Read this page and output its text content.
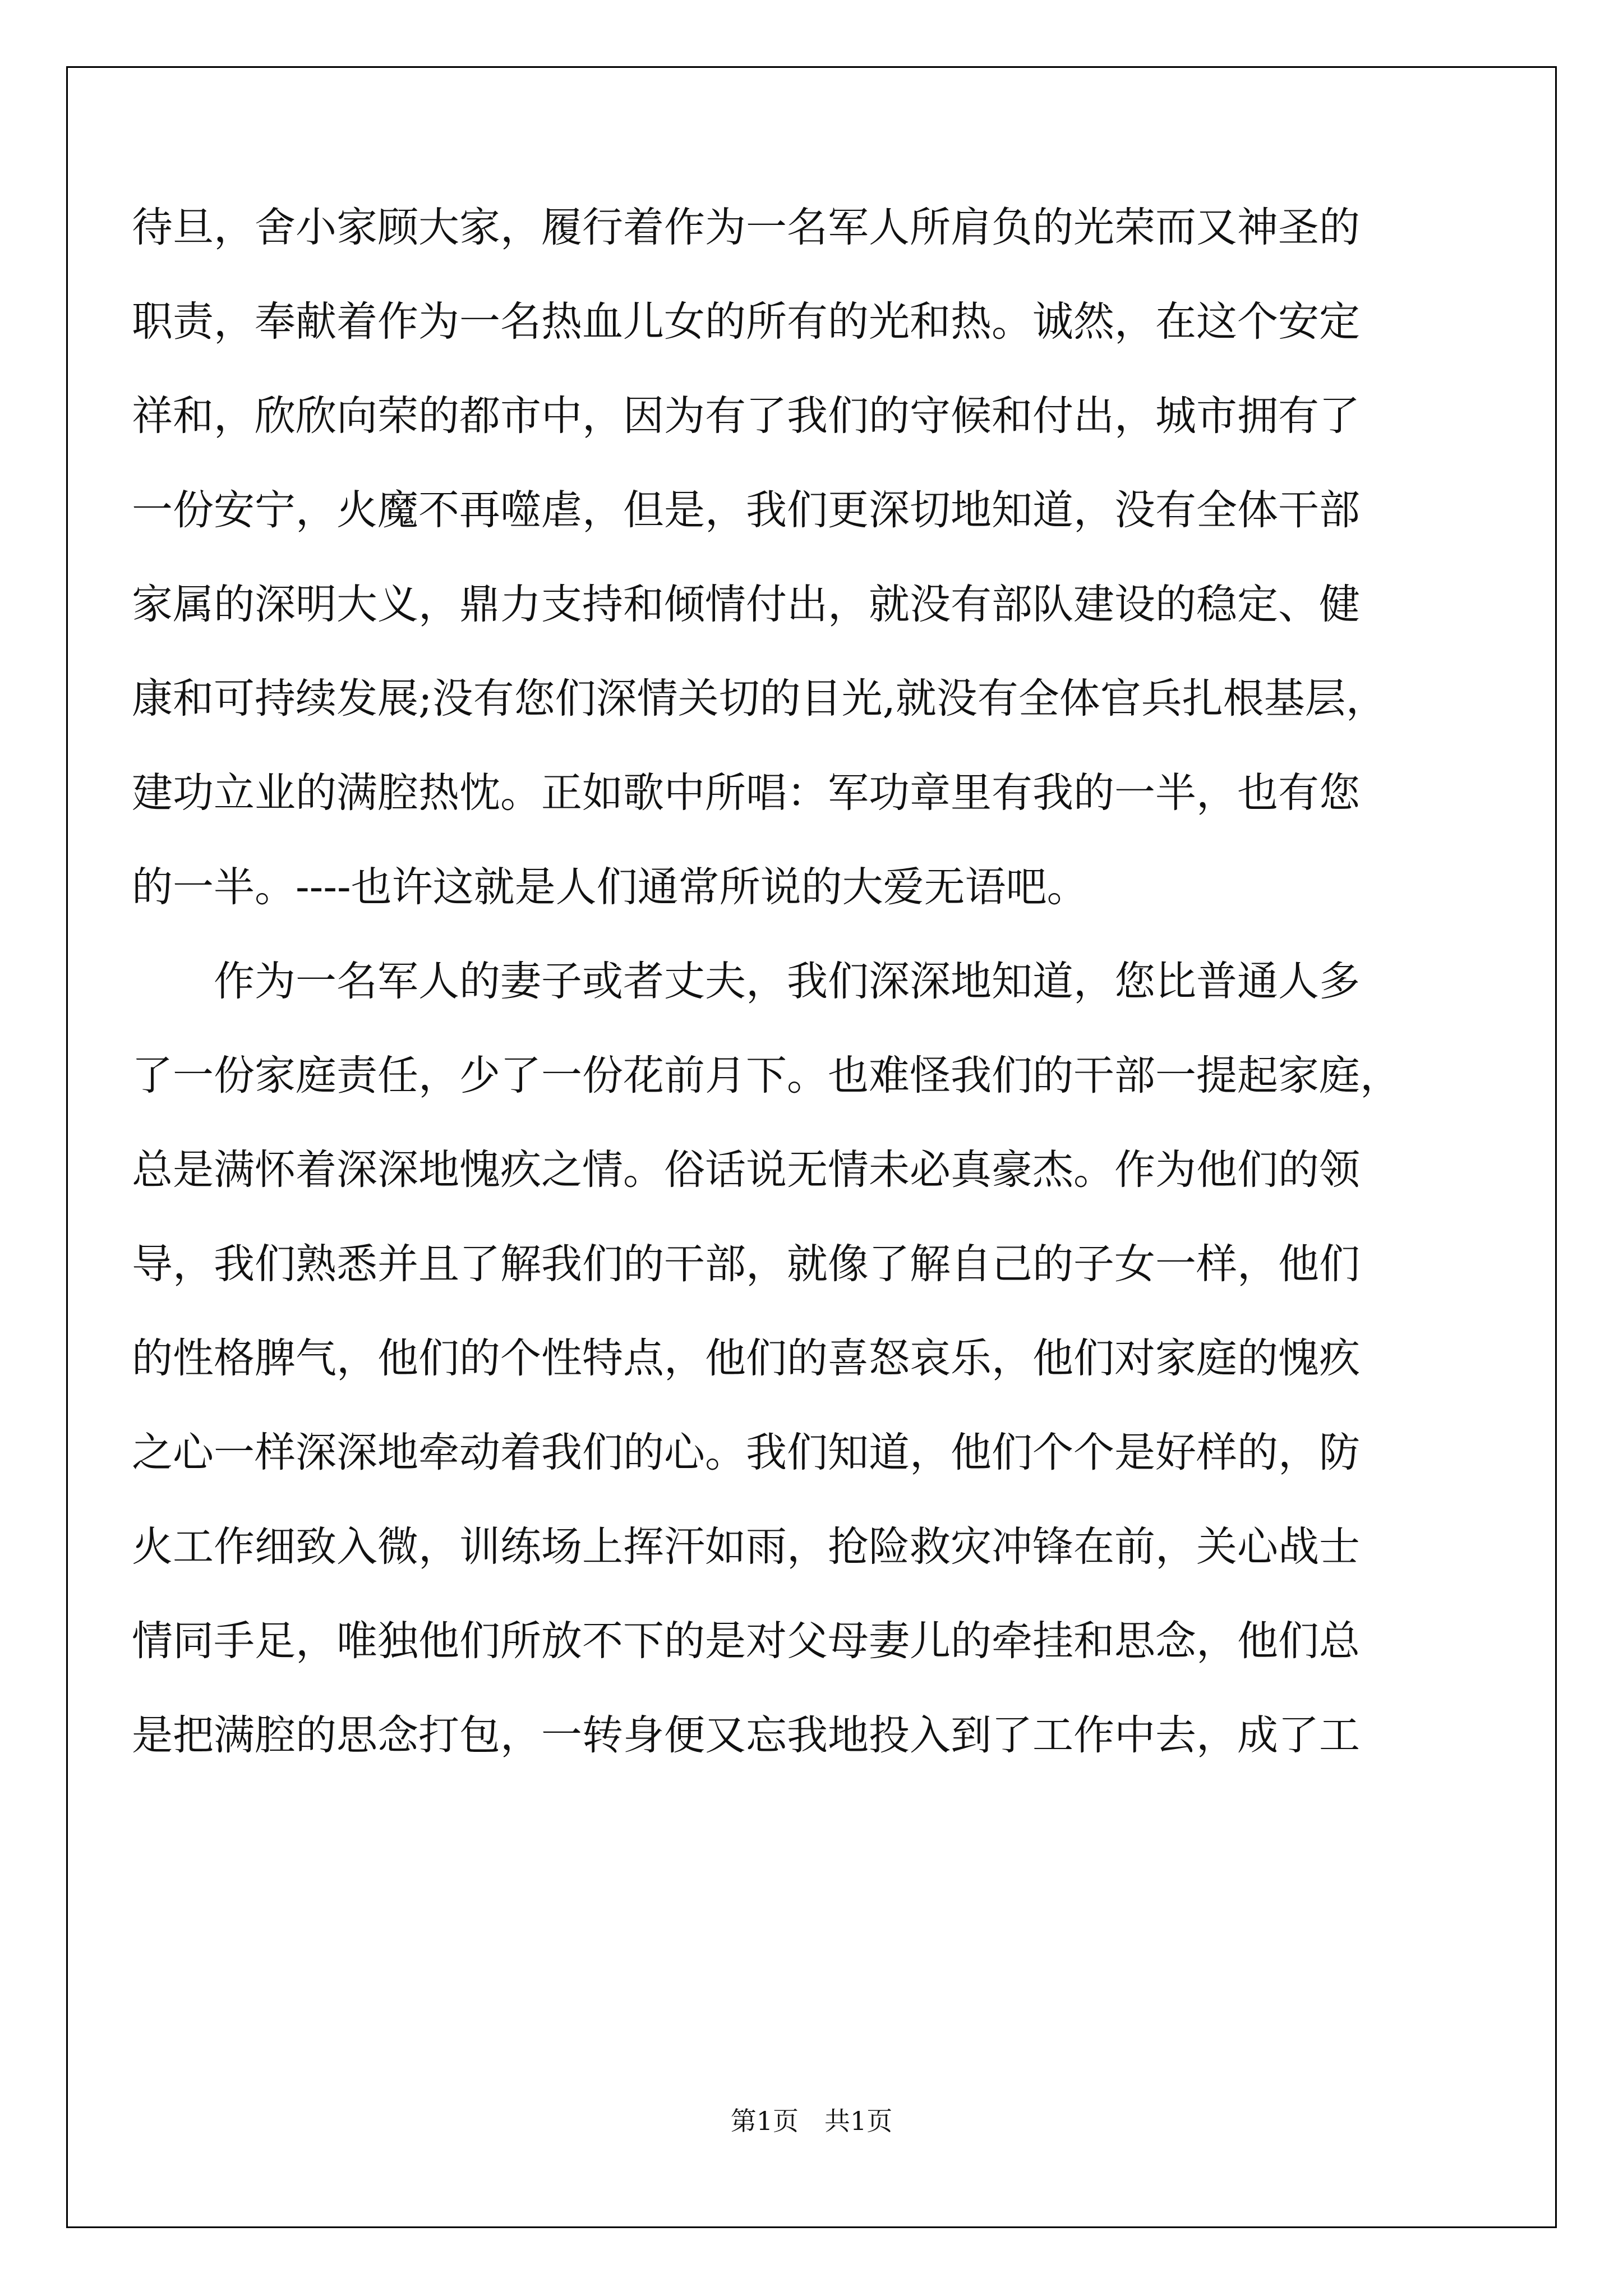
待旦，舍小家顾大家，履行着作为一名军人所肩负的光荣而又神圣的

职责，奉献着作为一名热血儿女的所有的光和热。诚然，在这个安定

祥和，欣欣向荣的都市中，因为有了我们的守候和付出，城市拥有了

一份安宁，火魔不再噬虐，但是，我们更深切地知道，没有全体干部

家属的深明大义，鼎力支持和倾情付出，就没有部队建设的稳定、健

康和可持续发展;没有您们深情关切的目光,就没有全体官兵扎根基层，

建功立业的满腔热忱。正如歌中所唱：军功章里有我的一半，也有您

的一半。----也许这就是人们通常所说的大爱无语吧。

作为一名军人的妻子或者丈夫，我们深深地知道，您比普通人多

了一份家庭责任，少了一份花前月下。也难怪我们的干部一提起家庭，

总是满怀着深深地愧疚之情。俗话说无情未必真豪杰。作为他们的领

导，我们熟悉并且了解我们的干部，就像了解自己的子女一样，他们

的性格脾气，他们的个性特点，他们的喜怒哀乐，他们对家庭的愧疚

之心一样深深地牵动着我们的心。我们知道，他们个个是好样的，防

火工作细致入微，训练场上挥汗如雨，抢险救灾冲锋在前，关心战士

情同手足，唯独他们所放不下的是对父母妻儿的牵挂和思念，他们总

是把满腔的思念打包，一转身便又忘我地投入到了工作中去，成了工

第1页　共1页
